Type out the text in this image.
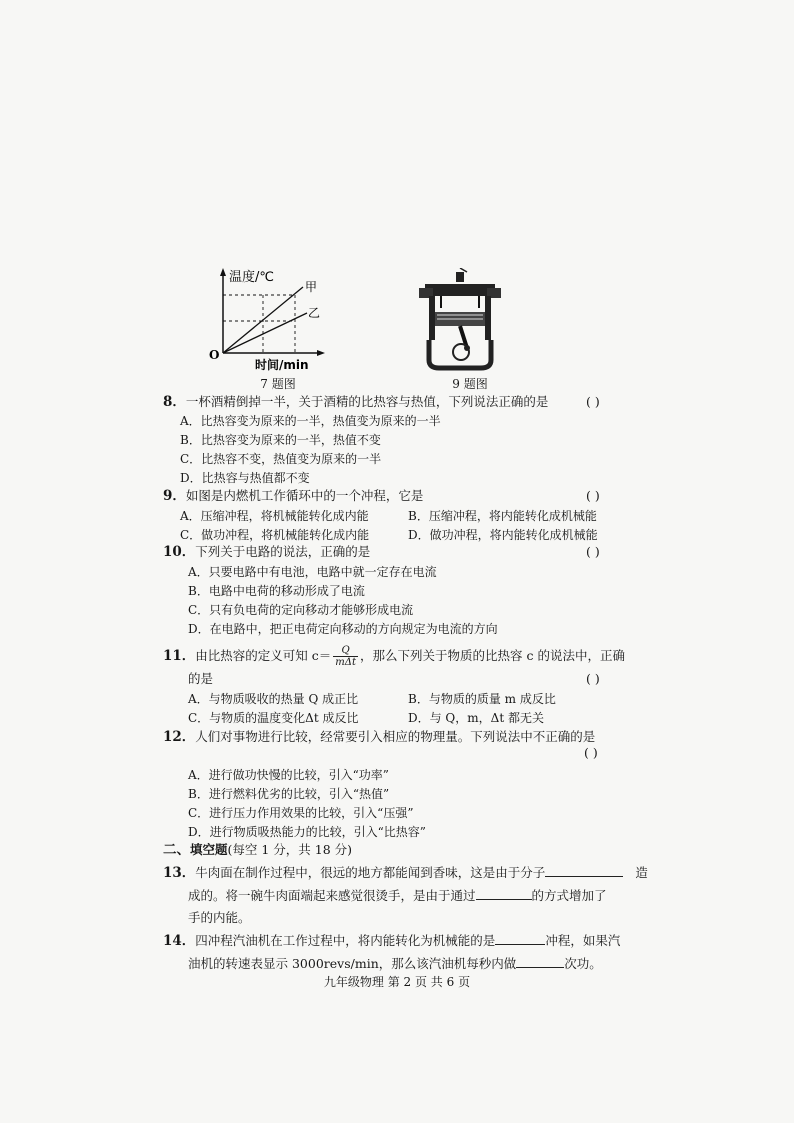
温度/℃
时间/min
O
甲
乙
7 题图	9 题图
8．一杯酒精倒掉一半，关于酒精的比热容与热值，下列说法正确的是	( )
A．比热容变为原来的一半，热值变为原来的一半
B．比热容变为原来的一半，热值不变
C．比热容不变，热值变为原来的一半
D．比热容与热值都不变
9．如图是内燃机工作循环中的一个冲程，它是	( )
A．压缩冲程，将机械能转化成内能	B．压缩冲程，将内能转化成机械能
C．做功冲程，将机械能转化成内能	D．做功冲程，将内能转化成机械能
10．下列关于电路的说法，正确的是	( )
A．只要电路中有电池，电路中就一定存在电流
B．电路中电荷的移动形成了电流
C．只有负电荷的定向移动才能够形成电流
D．在电路中，把正电荷定向移动的方向规定为电流的方向
11．由比热容的定义可知 $c= \frac{Q}{\text{mΔt}}$ ，那么下列关于物质的比热容 c 的说法中，正确
的是	( )
A．与物质吸收的热量 Q 成正比	B．与物质的质量 m 成反比
C．与物质的温度变化Δt 成反比	D．与 Q，m，Δt 都无关
12．人们对事物进行比较，经常要引入相应的物理量。下列说法中不正确的是
( )
A．进行做功快慢的比较，引入“功率”
B．进行燃料优劣的比较，引入“热值”
C．进行压力作用效果的比较，引入“压强”
D．进行物质吸热能力的比较，引入“比热容”
二、填空题(每空 1 分，共 18 分)
13．牛肉面在制作过程中，很远的地方都能闻到香味，这是由于分子	造
成的。将一碗牛肉面端起来感觉很烫手，是由于通过	的方式增加了
手的内能。
14．四冲程汽油机在工作过程中，将内能转化为机械能的是	冲程，如果汽
油机的转速表显示 3000revs/min，那么该汽油机每秒内做	次功。
九年级物理 第 2 页 共 6 页
